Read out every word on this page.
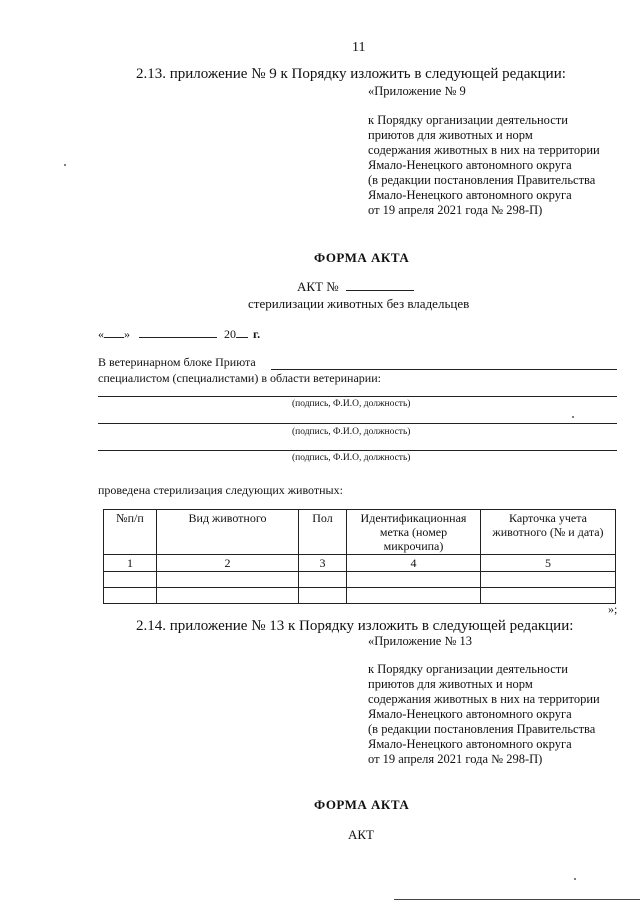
11
2.13. приложение № 9 к Порядку изложить в следующей редакции:
«Приложение № 9
к Порядку организации деятельности
приютов для животных и норм
содержания животных в них на территории
Ямало-Ненецкого автономного округа
(в редакции постановления Правительства
Ямало-Ненецкого автономного округа
от 19 апреля 2021 года № 298-П)
ФОРМА АКТА
АКТ №
стерилизации животных без владельцев
« »	20 г.
В ветеринарном блоке Приюта
специалистом (специалистами) в области ветеринарии:
(подпись, Ф.И.О, должность)
(подпись, Ф.И.О, должность)
(подпись, Ф.И.О, должность)
проведена стерилизация следующих животных:
№п/п	Вид животного	Пол	Идентификационная метка (номер микрочипа)	Карточка учета животного (№ и дата)
1	2	3	4	5

»;
2.14. приложение № 13 к Порядку изложить в следующей редакции:
«Приложение № 13
к Порядку организации деятельности
приютов для животных и норм
содержания животных в них на территории
Ямало-Ненецкого автономного округа
(в редакции постановления Правительства
Ямало-Ненецкого автономного округа
от 19 апреля 2021 года № 298-П)
ФОРМА АКТА
АКТ
